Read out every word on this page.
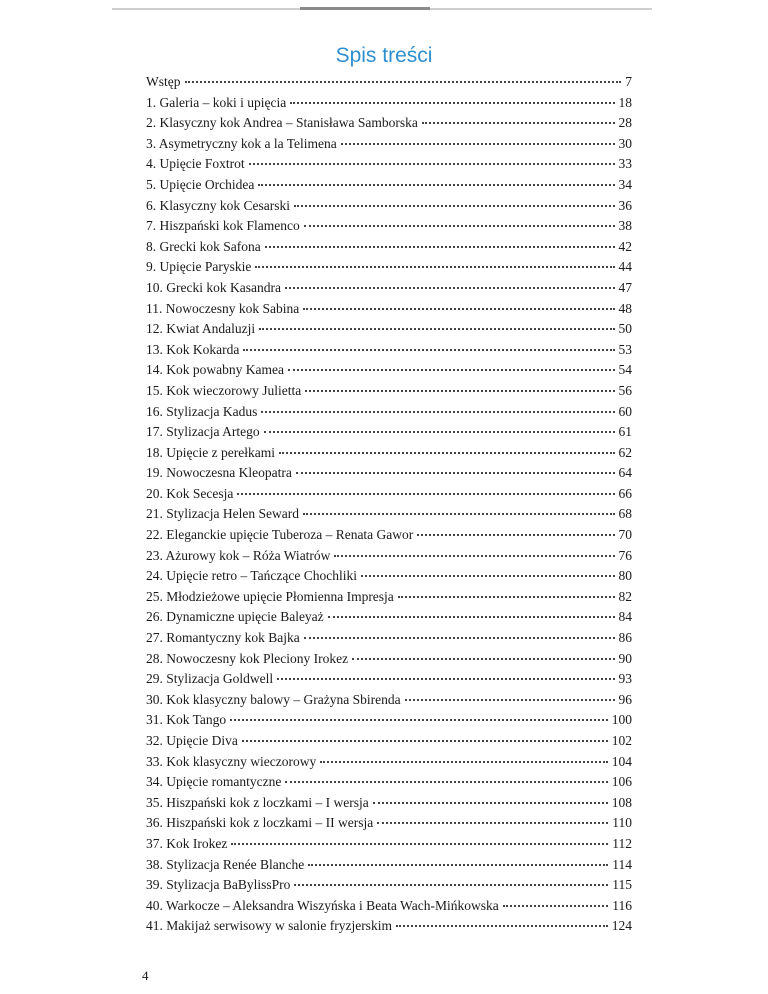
Spis treści
Wstęp	7
1. Galeria – koki i upięcia	18
2. Klasyczny kok Andrea – Stanisława Samborska	28
3. Asymetryczny kok a la Telimena	30
4. Upięcie Foxtrot	33
5. Upięcie Orchidea	34
6. Klasyczny kok Cesarski	36
7. Hiszpański kok Flamenco	38
8. Grecki kok Safona	42
9. Upięcie Paryskie	44
10. Grecki kok Kasandra	47
11. Nowoczesny kok Sabina	48
12. Kwiat Andaluzji	50
13. Kok Kokarda	53
14. Kok powabny Kamea	54
15. Kok wieczorowy Julietta	56
16. Stylizacja Kadus	60
17. Stylizacja Artego	61
18. Upięcie z perełkami	62
19. Nowoczesna Kleopatra	64
20. Kok Secesja	66
21. Stylizacja Helen Seward	68
22. Eleganckie upięcie Tuberoza – Renata Gawor	70
23. Ażurowy kok – Róża Wiatrów	76
24. Upięcie retro – Tańczące Chochliki	80
25. Młodzieżowe upięcie Płomienna Impresja	82
26. Dynamiczne upięcie Baleyaż	84
27. Romantyczny kok Bajka	86
28. Nowoczesny kok Pleciony Irokez	90
29. Stylizacja Goldwell	93
30. Kok klasyczny balowy – Grażyna Sbirenda	96
31. Kok Tango	100
32. Upięcie Diva	102
33. Kok klasyczny wieczorowy	104
34. Upięcie romantyczne	106
35. Hiszpański kok z loczkami – I wersja	108
36. Hiszpański kok z loczkami – II wersja	110
37. Kok Irokez	112
38. Stylizacja Renée Blanche	114
39. Stylizacja BaBylissPro	115
40. Warkocze – Aleksandra Wiszyńska i Beata Wach-Mińkowska	116
41. Makijaż serwisowy w salonie fryzjerskim	124
4
